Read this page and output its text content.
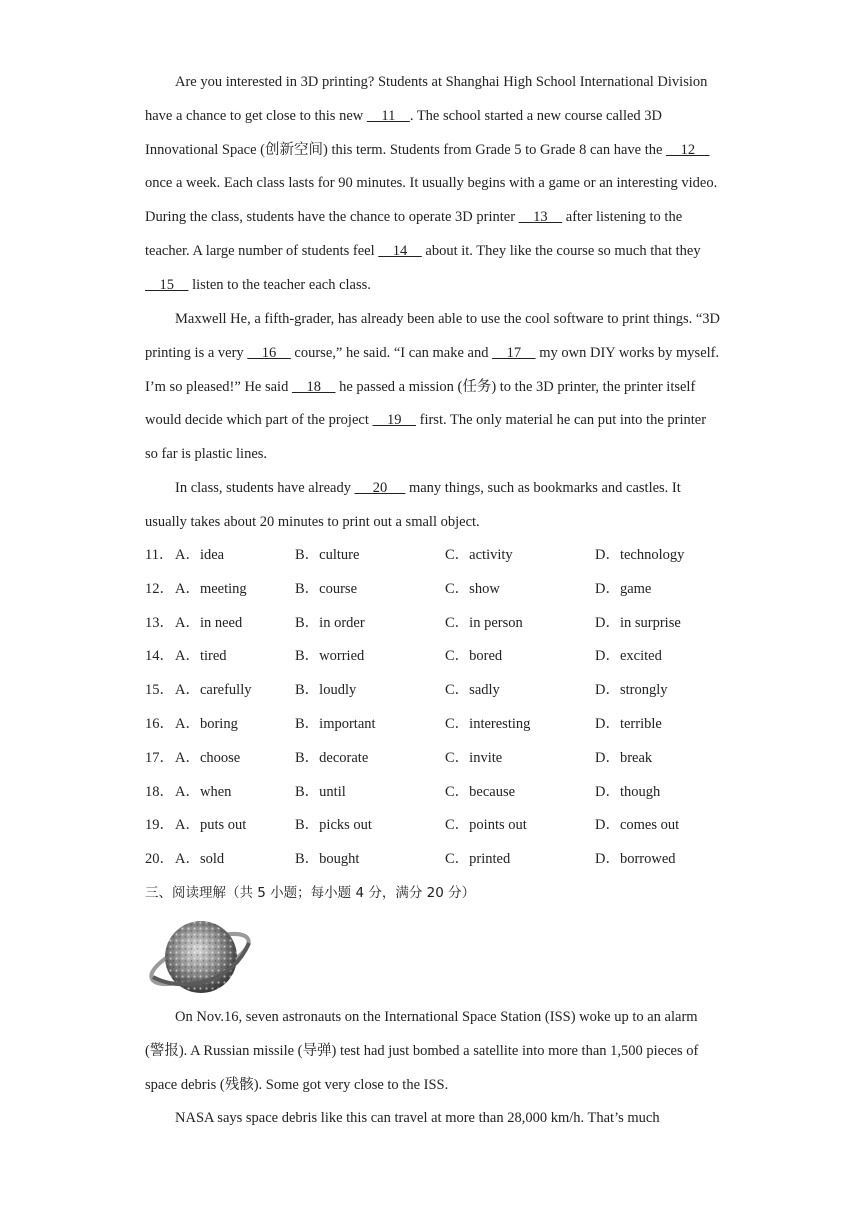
Are you interested in 3D printing? Students at Shanghai High School International Division have a chance to get close to this new     11    . The school started a new course called 3D Innovational Space (创新空间) this term. Students from Grade 5 to Grade 8 can have the     12     once a week. Each class lasts for 90 minutes. It usually begins with a game or an interesting video. During the class, students have the chance to operate 3D printer     13     after listening to the teacher. A large number of students feel     14     about it. They like the course so much that they     15     listen to the teacher each class.

Maxwell He, a fifth-grader, has already been able to use the cool software to print things. “3D printing is a very     16     course,” he said. “I can make and     17     my own DIY works by myself. I’m so pleased!” He said     18     he passed a mission (任务) to the 3D printer, the printer itself would decide which part of the project     19     first. The only material he can put into the printer so far is plastic lines.

In class, students have already      20      many things, such as bookmarks and castles. It usually takes about 20 minutes to print out a small object.

11． A．idea	B．culture	C．activity	D．technology
12． A．meeting	B．course	C．show	D．game
13． A．in need	B．in order	C．in person	D．in surprise
14． A．tired	B．worried	C．bored	D．excited
15． A．carefully	B．loudly	C．sadly	D．strongly
16． A．boring	B．important	C．interesting	D．terrible
17． A．choose	B．decorate	C．invite	D．break
18． A．when	B．until	C．because	D．though
19． A．puts out	B．picks out	C．points out	D．comes out
20． A．sold	B．bought	C．printed	D．borrowed
三、阅读理解（共 5 小题；每小题 4 分，满分 20 分）

On Nov.16, seven astronauts on the International Space Station (ISS) woke up to an alarm (警报). A Russian missile (导弹) test had just bombed a satellite into more than 1,500 pieces of space debris (残骸). Some got very close to the ISS.

NASA says space debris like this can travel at more than 28,000 km/h. That’s much
